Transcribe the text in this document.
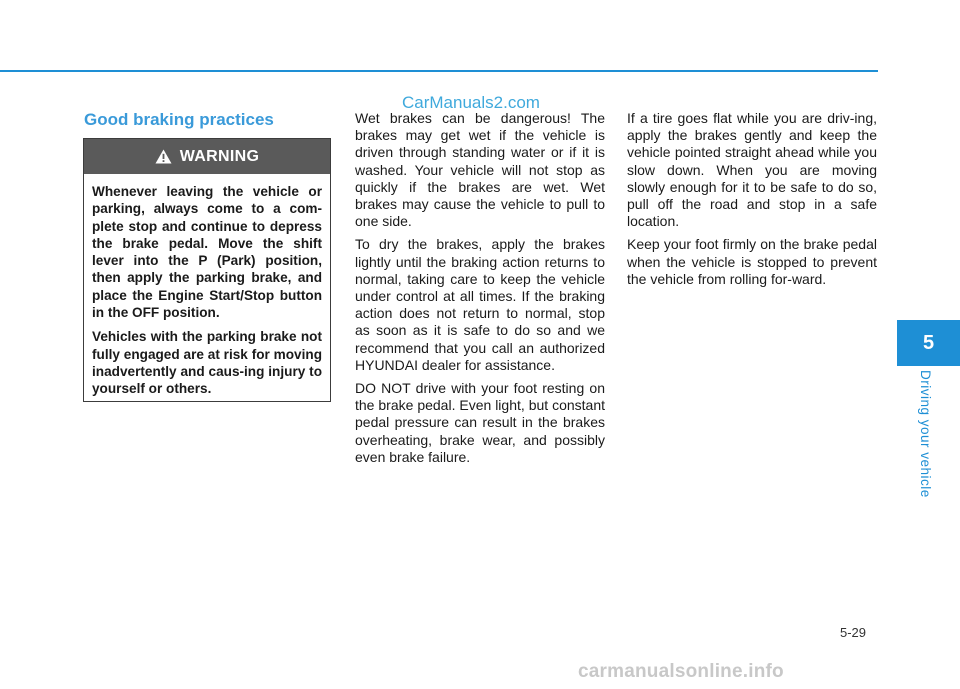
CarManuals2.com
Good braking practices
WARNING

Whenever leaving the vehicle or parking, always come to a com-plete stop and continue to depress the brake pedal. Move the shift lever into the P (Park) position, then apply the parking brake, and place the Engine Start/Stop button in the OFF position.

Vehicles with the parking brake not fully engaged are at risk for moving inadvertently and caus-ing injury to yourself or others.

Wet brakes can be dangerous! The brakes may get wet if the vehicle is driven through standing water or if it is washed. Your vehicle will not stop as quickly if the brakes are wet. Wet brakes may cause the vehicle to pull to one side.

To dry the brakes, apply the brakes lightly until the braking action returns to normal, taking care to keep the vehicle under control at all times. If the braking action does not return to normal, stop as soon as it is safe to do so and we recommend that you call an authorized HYUNDAI dealer for assistance.

DO NOT drive with your foot resting on the brake pedal. Even light, but constant pedal pressure can result in the brakes overheating, brake wear, and possibly even brake failure.

If a tire goes flat while you are driv-ing, apply the brakes gently and keep the vehicle pointed straight ahead while you slow down. When you are moving slowly enough for it to be safe to do so, pull off the road and stop in a safe location.

Keep your foot firmly on the brake pedal when the vehicle is stopped to prevent the vehicle from rolling for-ward.

5
Driving your vehicle
5-29
carmanualsonline.info
